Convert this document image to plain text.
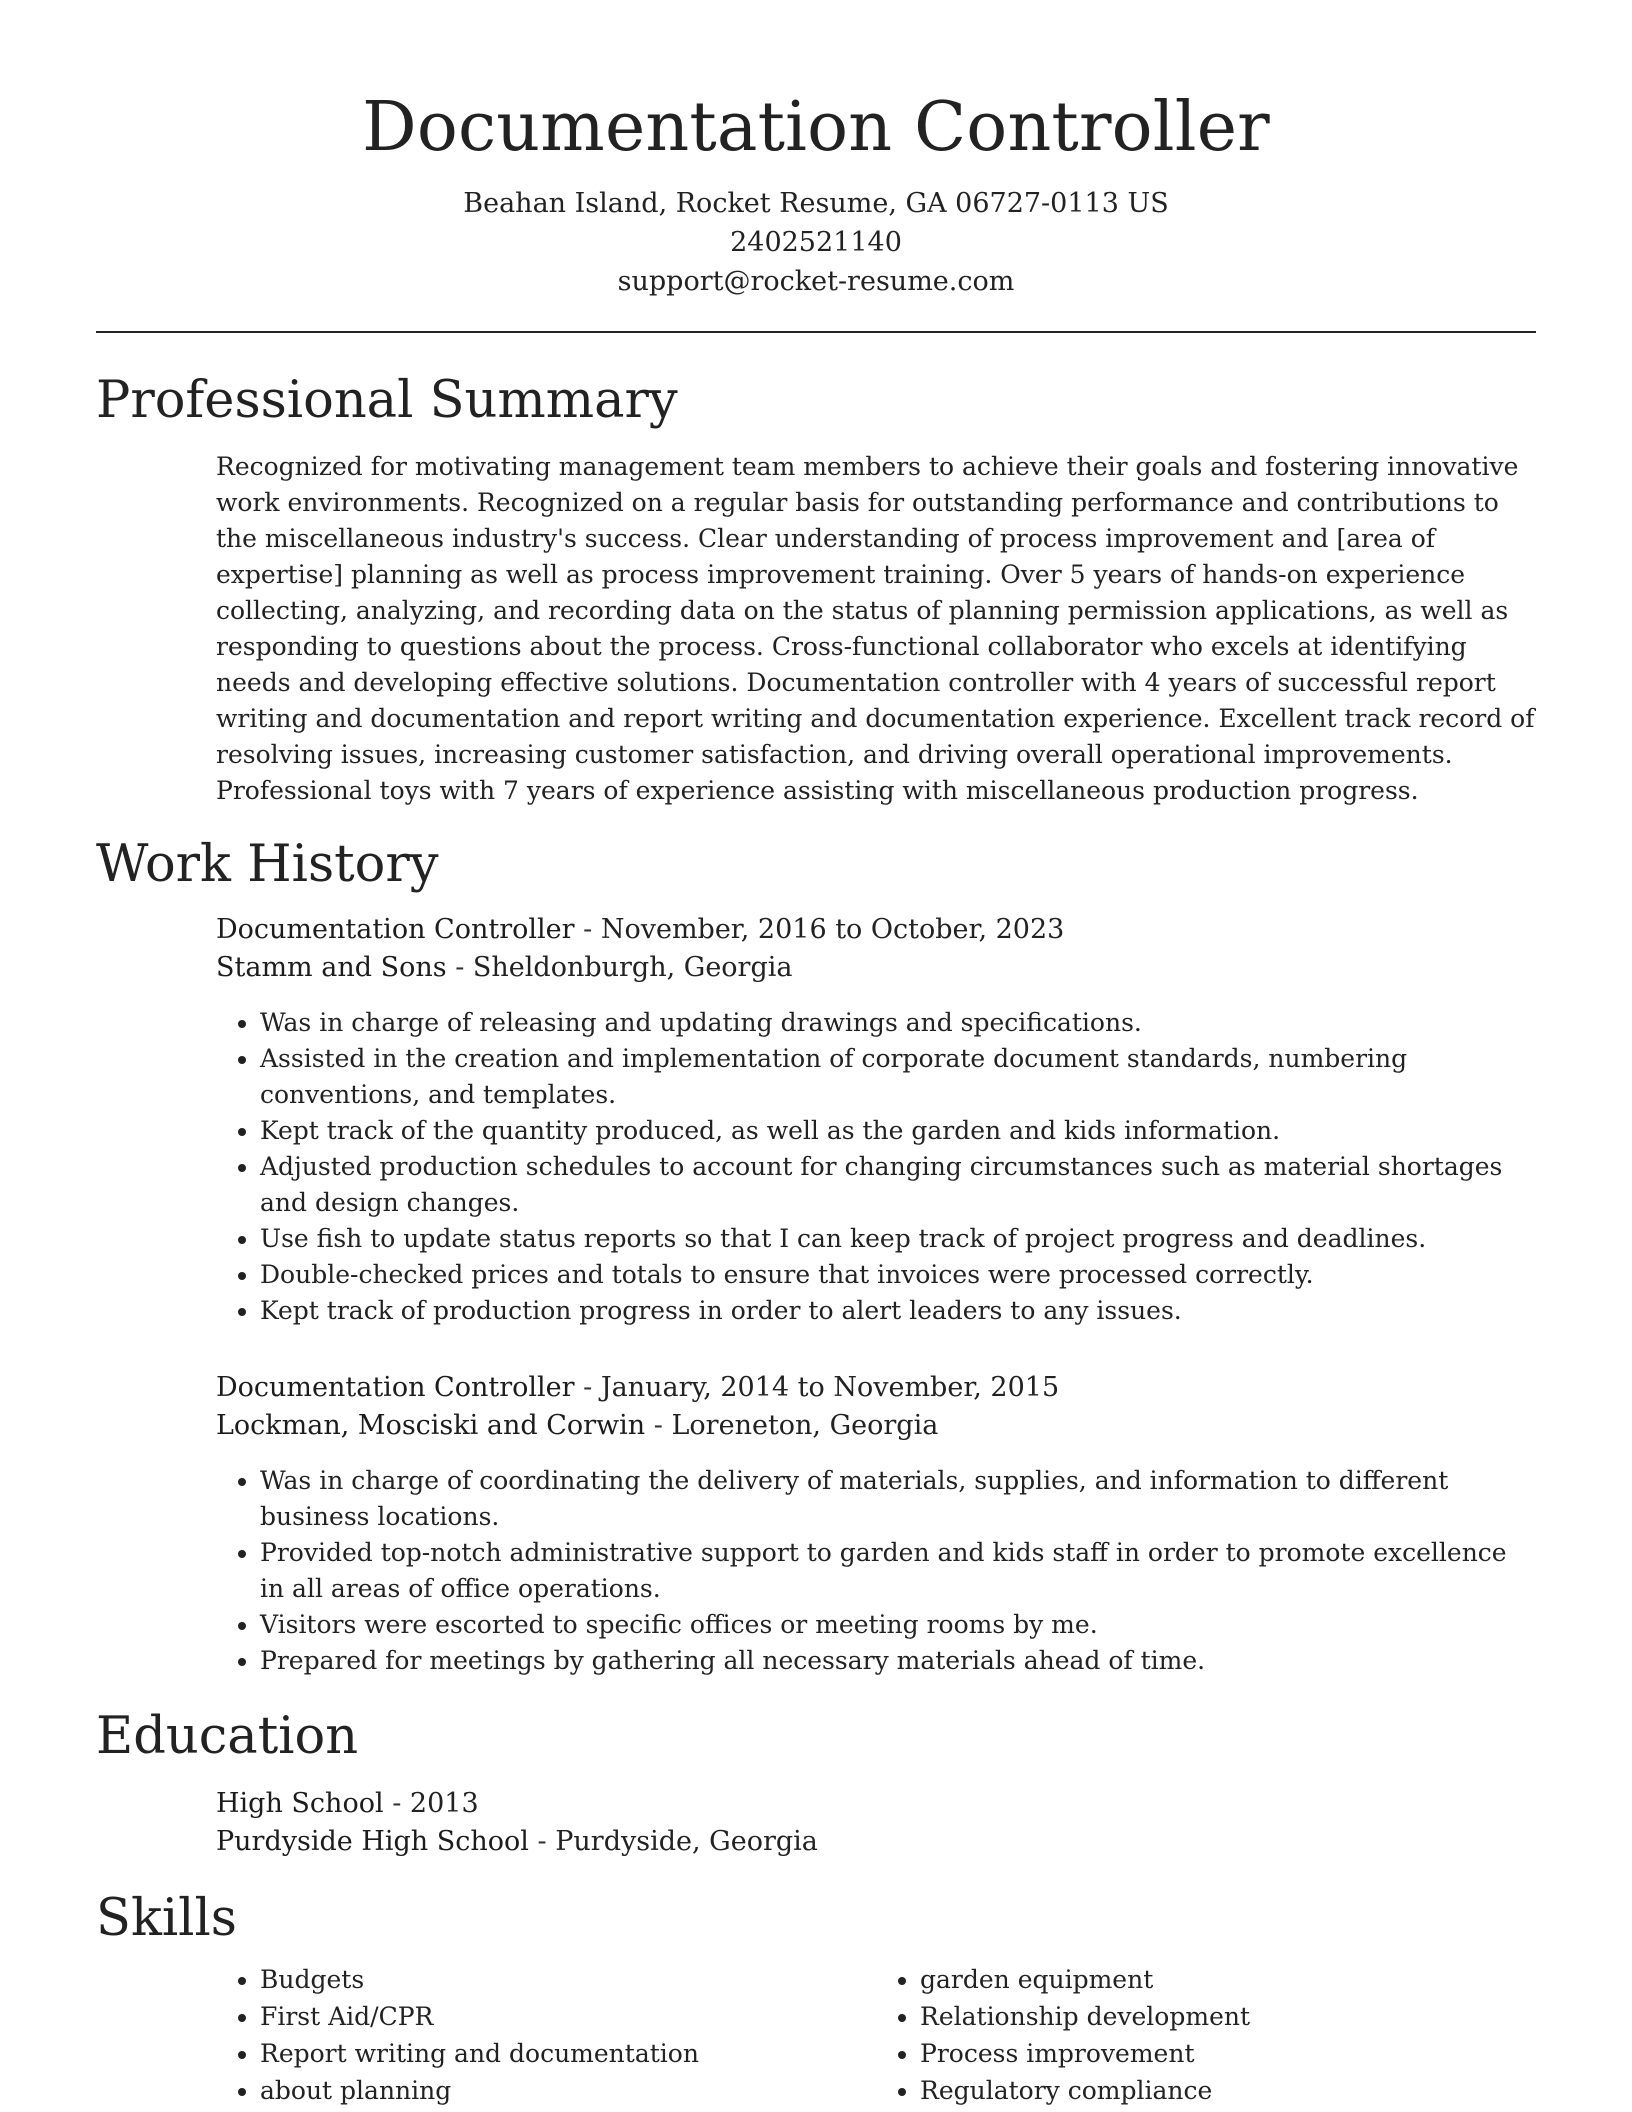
Documentation Controller
Beahan Island, Rocket Resume, GA 06727-0113 US
2402521140
support@rocket-resume.com
Professional Summary
Recognized for motivating management team members to achieve their goals and fostering innovative work environments. Recognized on a regular basis for outstanding performance and contributions to the miscellaneous industry's success. Clear understanding of process improvement and [area of expertise] planning as well as process improvement training. Over 5 years of hands-on experience collecting, analyzing, and recording data on the status of planning permission applications, as well as responding to questions about the process. Cross-functional collaborator who excels at identifying needs and developing effective solutions. Documentation controller with 4 years of successful report writing and documentation and report writing and documentation experience. Excellent track record of resolving issues, increasing customer satisfaction, and driving overall operational improvements. Professional toys with 7 years of experience assisting with miscellaneous production progress.
Work History
Documentation Controller - November, 2016 to October, 2023
Stamm and Sons - Sheldonburgh, Georgia
• Was in charge of releasing and updating drawings and specifications.
• Assisted in the creation and implementation of corporate document standards, numbering conventions, and templates.
• Kept track of the quantity produced, as well as the garden and kids information.
• Adjusted production schedules to account for changing circumstances such as material shortages and design changes.
• Use fish to update status reports so that I can keep track of project progress and deadlines.
• Double-checked prices and totals to ensure that invoices were processed correctly.
• Kept track of production progress in order to alert leaders to any issues.
Documentation Controller - January, 2014 to November, 2015
Lockman, Mosciski and Corwin - Loreneton, Georgia
• Was in charge of coordinating the delivery of materials, supplies, and information to different business locations.
• Provided top-notch administrative support to garden and kids staff in order to promote excellence in all areas of office operations.
• Visitors were escorted to specific offices or meeting rooms by me.
• Prepared for meetings by gathering all necessary materials ahead of time.
Education
High School - 2013
Purdyside High School - Purdyside, Georgia
Skills
• Budgets
• First Aid/CPR
• Report writing and documentation
• about planning
• garden equipment
• Relationship development
• Process improvement
• Regulatory compliance
